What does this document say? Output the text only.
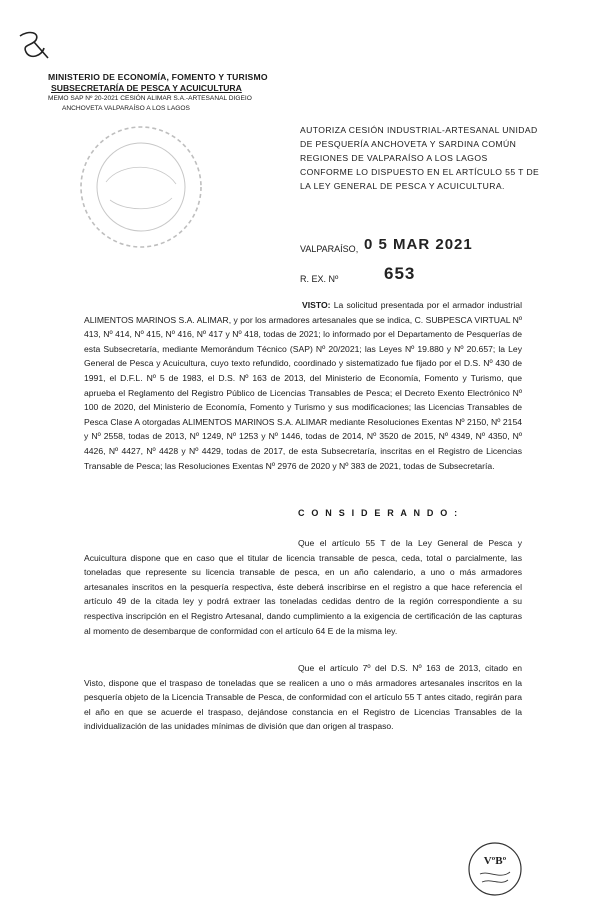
MINISTERIO DE ECONOMÍA, FOMENTO Y TURISMO
SUBSECRETARÍA DE PESCA Y ACUICULTURA
MEMO SAP Nº 20-2021 CESIÓN ALIMAR S.A.-ARTESANAL DIGEIO
ANCHOVETA VALPARAÍSO A LOS LAGOS
AUTORIZA CESIÓN INDUSTRIAL-ARTESANAL UNIDAD DE PESQUERÍA ANCHOVETA Y SARDINA COMÚN REGIONES DE VALPARAÍSO A LOS LAGOS CONFORME LO DISPUESTO EN EL ARTÍCULO 55 T DE LA LEY GENERAL DE PESCA Y ACUICULTURA.
VALPARAÍSO, 0 5 MAR 2021
R. EX. Nº	653
VISTO: La solicitud presentada por el armador industrial ALIMENTOS MARINOS S.A. ALIMAR, y por los armadores artesanales que se indica, C. SUBPESCA VIRTUAL Nº 413, Nº 414, Nº 415, Nº 416, Nº 417 y Nº 418, todas de 2021; lo informado por el Departamento de Pesquerías de esta Subsecretaría, mediante Memorándum Técnico (SAP) Nº 20/2021; las Leyes Nº 19.880 y Nº 20.657; la Ley General de Pesca y Acuicultura, cuyo texto refundido, coordinado y sistematizado fue fijado por el D.S. Nº 430 de 1991, el D.F.L. Nº 5 de 1983, el D.S. Nº 163 de 2013, del Ministerio de Economía, Fomento y Turismo, que aprueba el Reglamento del Registro Público de Licencias Transables de Pesca; el Decreto Exento Electrónico Nº 100 de 2020, del Ministerio de Economía, Fomento y Turismo y sus modificaciones; las Licencias Transables de Pesca Clase A otorgadas ALIMENTOS MARINOS S.A. ALIMAR mediante Resoluciones Exentas Nº 2150, Nº 2154 y Nº 2558, todas de 2013, Nº 1249, Nº 1253 y Nº 1446, todas de 2014, Nº 3520 de 2015, Nº 4349, Nº 4350, Nº 4426, Nº 4427, Nº 4428 y Nº 4429, todas de 2017, de esta Subsecretaría, inscritas en el Registro de Licencias Transable de Pesca; las Resoluciones Exentas Nº 2976 de 2020 y Nº 383 de 2021, todas de Subsecretaría.
C O N S I D E R A N D O :
Que el artículo 55 T de la Ley General de Pesca y Acuicultura dispone que en caso que el titular de licencia transable de pesca, ceda, total o parcialmente, las toneladas que represente su licencia transable de pesca, en un año calendario, a uno o más armadores artesanales inscritos en la pesquería respectiva, éste deberá inscribirse en el registro a que hace referencia el artículo 49 de la citada ley y podrá extraer las toneladas cedidas dentro de la región correspondiente a su respectiva inscripción en el Registro Artesanal, dando cumplimiento a la exigencia de certificación de las capturas al momento de desembarque de conformidad con el artículo 64 E de la misma ley.
Que el artículo 7º del D.S. Nº 163 de 2013, citado en Visto, dispone que el traspaso de toneladas que se realicen a uno o más armadores artesanales inscritos en la pesquería objeto de la Licencia Transable de Pesca, de conformidad con el artículo 55 T antes citado, regirán para el año en que se acuerde el traspaso, dejándose constancia en el Registro de Licencias Transables de la individualización de las unidades mínimas de división que dan origen al traspaso.
VºBº
